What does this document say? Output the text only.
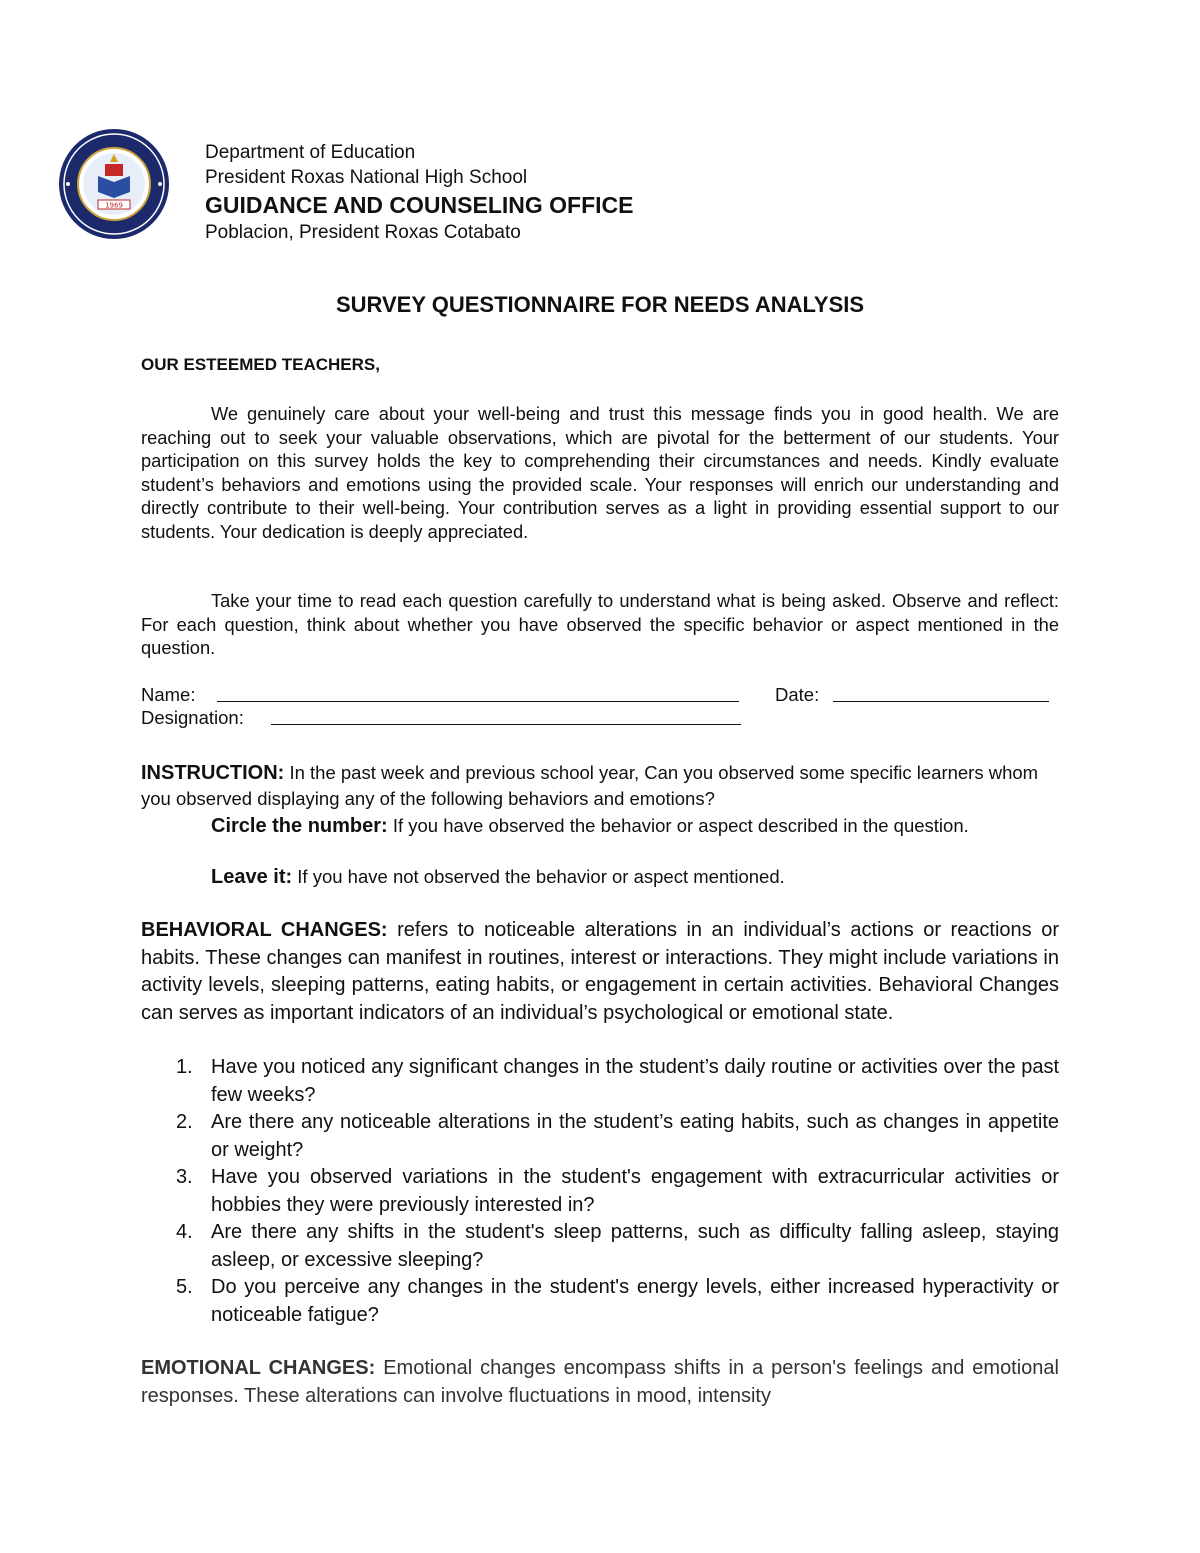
1969
Department of Education
President Roxas National High School
GUIDANCE AND COUNSELING OFFICE
Poblacion, President Roxas Cotabato
SURVEY QUESTIONNAIRE FOR NEEDS ANALYSIS
OUR ESTEEMED TEACHERS,

We genuinely care about your well-being and trust this message finds you in good health. We are reaching out to seek your valuable observations, which are pivotal for the betterment of our students. Your participation on this survey holds the key to comprehending their circumstances and needs. Kindly evaluate student’s behaviors and emotions using the provided scale. Your responses will enrich our understanding and directly contribute to their well-being. Your contribution serves as a light in providing essential support to our students. Your dedication is deeply appreciated.

Take your time to read each question carefully to understand what is being asked. Observe and reflect: For each question, think about whether you have observed the specific behavior or aspect mentioned in the question.

Name:	Date:
Designation:
INSTRUCTION: In the past week and previous school year, Can you observed some specific learners whom you observed displaying any of the following behaviors and emotions?
Circle the number: If you have observed the behavior or aspect described in the question.
Leave it: If you have not observed the behavior or aspect mentioned.

BEHAVIORAL CHANGES: refers to noticeable alterations in an individual’s actions or reactions or habits. These changes can manifest in routines, interest or interactions. They might include variations in activity levels, sleeping patterns, eating habits, or engagement in certain activities. Behavioral Changes can serves as important indicators of an individual’s psychological or emotional state.

1. Have you noticed any significant changes in the student’s daily routine or activities over the past few weeks?
2. Are there any noticeable alterations in the student’s eating habits, such as changes in appetite or weight?
3. Have you observed variations in the student's engagement with extracurricular activities or hobbies they were previously interested in?
4. Are there any shifts in the student's sleep patterns, such as difficulty falling asleep, staying asleep, or excessive sleeping?
5. Do you perceive any changes in the student's energy levels, either increased hyperactivity or noticeable fatigue?

EMOTIONAL CHANGES: Emotional changes encompass shifts in a person's feelings and emotional responses. These alterations can involve fluctuations in mood, intensity
